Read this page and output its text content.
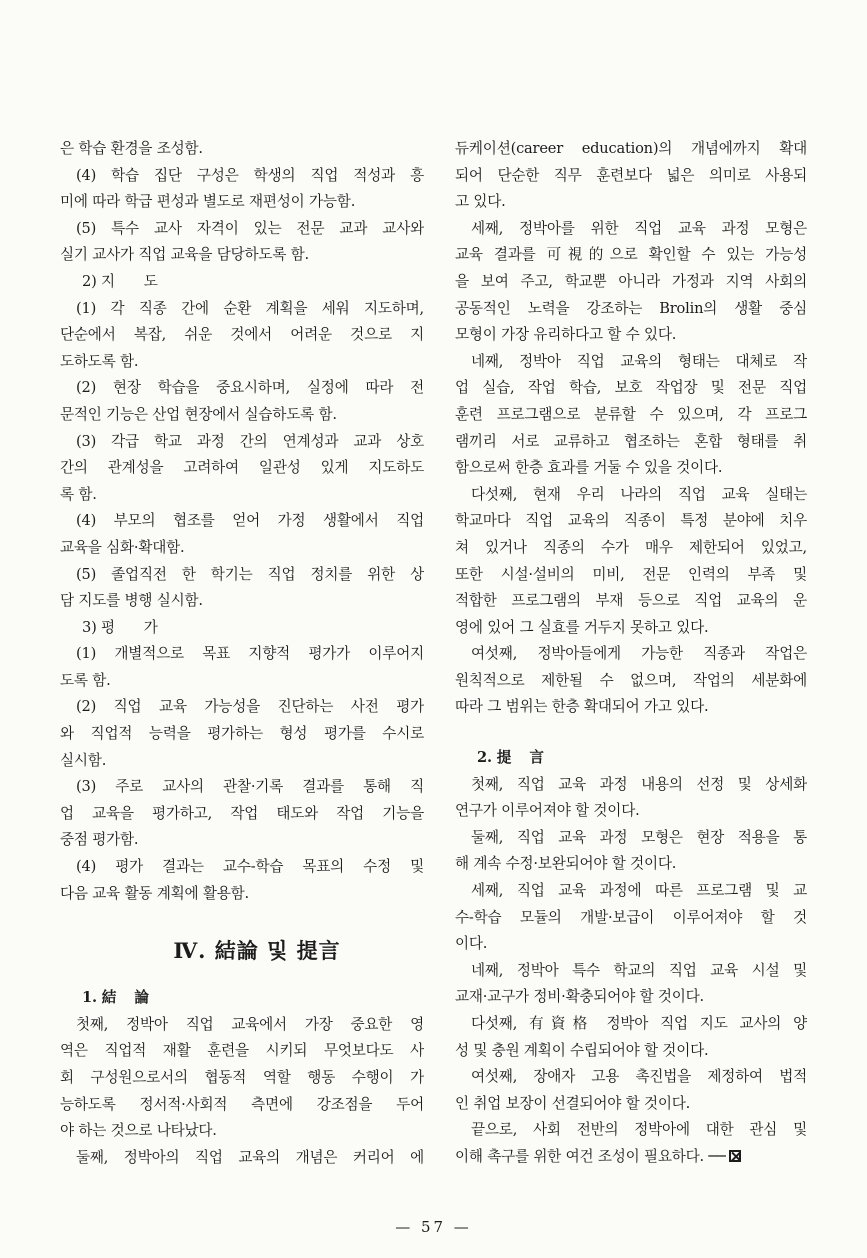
은 학습 환경을 조성함.
(4) 학습 집단 구성은 학생의 직업 적성과 흥
미에 따라 학급 편성과 별도로 재편성이 가능함.
(5) 특수 교사 자격이 있는 전문 교과 교사와
실기 교사가 직업 교육을 담당하도록 함.
2) 지　　도
(1) 각 직종 간에 순환 계획을 세워 지도하며,
단순에서 복잡, 쉬운 것에서 어려운 것으로 지
도하도록 함.
(2) 현장 학습을 중요시하며, 실정에 따라 전
문적인 기능은 산업 현장에서 실습하도록 함.
(3) 각급 학교 과정 간의 연계성과 교과 상호
간의 관계성을 고려하여 일관성 있게 지도하도
록 함.
(4) 부모의 협조를 얻어 가정 생활에서 직업
교육을 심화·확대함.
(5) 졸업직전 한 학기는 직업 정치를 위한 상
담 지도를 병행 실시함.
3) 평　　가
(1) 개별적으로 목표 지향적 평가가 이루어지
도록 함.
(2) 직업 교육 가능성을 진단하는 사전 평가
와 직업적 능력을 평가하는 형성 평가를 수시로
실시함.
(3) 주로 교사의 관찰·기록 결과를 통해 직
업 교육을 평가하고, 작업 태도와 작업 기능을
중점 평가함.
(4) 평가 결과는 교수-학습 목표의 수정 및
다음 교육 활동 계획에 활용함.
Ⅳ. 結論 및 提言
1. 結論
첫째, 정박아 직업 교육에서 가장 중요한 영
역은 직업적 재활 훈련을 시키되 무엇보다도 사
회 구성원으로서의 협동적 역할 행동 수행이 가
능하도록 정서적·사회적 측면에 강조점을 두어
야 하는 것으로 나타났다.
둘째, 정박아의 직업 교육의 개념은 커리어 에
듀케이션(career education)의 개념에까지 확대
되어 단순한 직무 훈련보다 넓은 의미로 사용되
고 있다.
세째, 정박아를 위한 직업 교육 과정 모형은
교육 결과를 可視的으로 확인할 수 있는 가능성
을 보여 주고, 학교뿐 아니라 가정과 지역 사회의
공동적인 노력을 강조하는 Brolin의 생활 중심
모형이 가장 유리하다고 할 수 있다.
네째, 정박아 직업 교육의 형태는 대체로 작
업 실습, 작업 학습, 보호 작업장 및 전문 직업
훈련 프로그램으로 분류할 수 있으며, 각 프로그
램끼리 서로 교류하고 협조하는 혼합 형태를 취
함으로써 한층 효과를 거둘 수 있을 것이다.
다섯째, 현재 우리 나라의 직업 교육 실태는
학교마다 직업 교육의 직종이 특정 분야에 치우
쳐 있거나 직종의 수가 매우 제한되어 있었고,
또한 시설·설비의 미비, 전문 인력의 부족 및
적합한 프로그램의 부재 등으로 직업 교육의 운
영에 있어 그 실효를 거두지 못하고 있다.
여섯째, 정박아들에게 가능한 직종과 작업은
원칙적으로 제한될 수 없으며, 작업의 세분화에
따라 그 범위는 한층 확대되어 가고 있다.
2. 提言
첫째, 직업 교육 과정 내용의 선정 및 상세화
연구가 이루어져야 할 것이다.
둘째, 직업 교육 과정 모형은 현장 적용을 통
해 계속 수정·보완되어야 할 것이다.
세째, 직업 교육 과정에 따른 프로그램 및 교
수-학습 모듈의 개발·보급이 이루어져야 할 것
이다.
네째, 정박아 특수 학교의 직업 교육 시설 및
교재·교구가 정비·확충되어야 할 것이다.
다섯째, 有資格 정박아 직업 지도 교사의 양
성 및 충원 계획이 수립되어야 할 것이다.
여섯째, 장애자 고용 촉진법을 제정하여 법적
인 취업 보장이 선결되어야 할 것이다.
끝으로, 사회 전반의 정박아에 대한 관심 및
이해 촉구를 위한 여건 조성이 필요하다. ──
— 57 —
